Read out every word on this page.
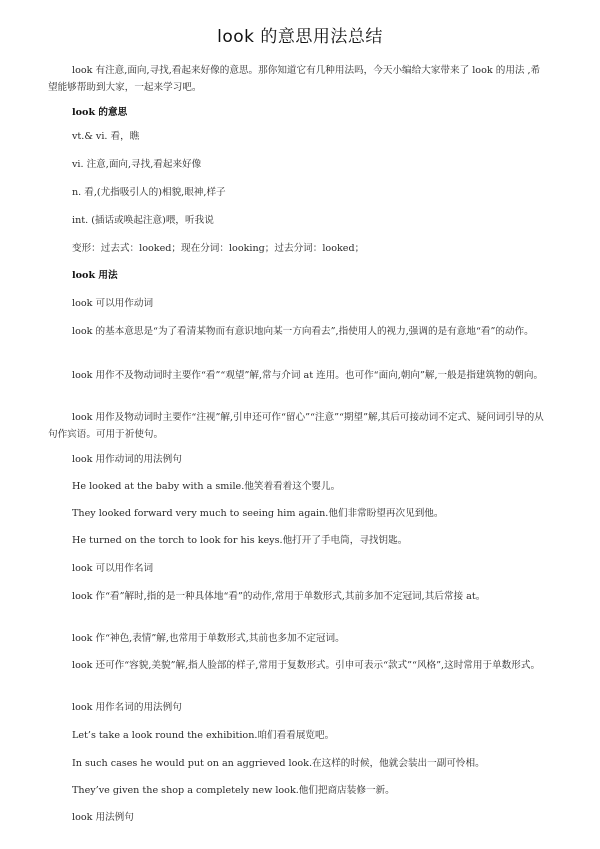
look 的意思用法总结

look 有注意,面向,寻找,看起来好像的意思。那你知道它有几种用法吗，今天小编给大家带来了 look 的用法 ,希望能够帮助到大家，一起来学习吧。

look 的意思

vt.& vi. 看，瞧

vi. 注意,面向,寻找,看起来好像

n. 看,(尤指吸引人的)相貌,眼神,样子

int. (插话或唤起注意)喂，听我说

变形：过去式：looked；现在分词：looking；过去分词：looked；

look 用法

look 可以用作动词

look 的基本意思是“为了看清某物而有意识地向某一方向看去”,指使用人的视力,强调的是有意地“看”的动作。

look 用作不及物动词时主要作“看”“观望”解,常与介词 at 连用。也可作“面向,朝向”解,一般是指建筑物的朝向。

look 用作及物动词时主要作“注视”解,引申还可作“留心”“注意”“期望”解,其后可接动词不定式、疑问词引导的从句作宾语。可用于祈使句。

look 用作动词的用法例句

He looked at the baby with a smile.他笑着看着这个婴儿。

They looked forward very much to seeing him again.他们非常盼望再次见到他。

He turned on the torch to look for his keys.他打开了手电筒，寻找钥匙。

look 可以用作名词

look 作“看”解时,指的是一种具体地“看”的动作,常用于单数形式,其前多加不定冠词,其后常接 at。

look 作“神色,表情”解,也常用于单数形式,其前也多加不定冠词。

look 还可作“容貌,美貌”解,指人脸部的样子,常用于复数形式。引申可表示“款式”“风格”,这时常用于单数形式。

look 用作名词的用法例句

Let’s take a look round the exhibition.咱们看看展览吧。

In such cases he would put on an aggrieved look.在这样的时候，他就会装出一副可怜相。

They’ve given the shop a completely new look.他们把商店装修一新。

look 用法例句
